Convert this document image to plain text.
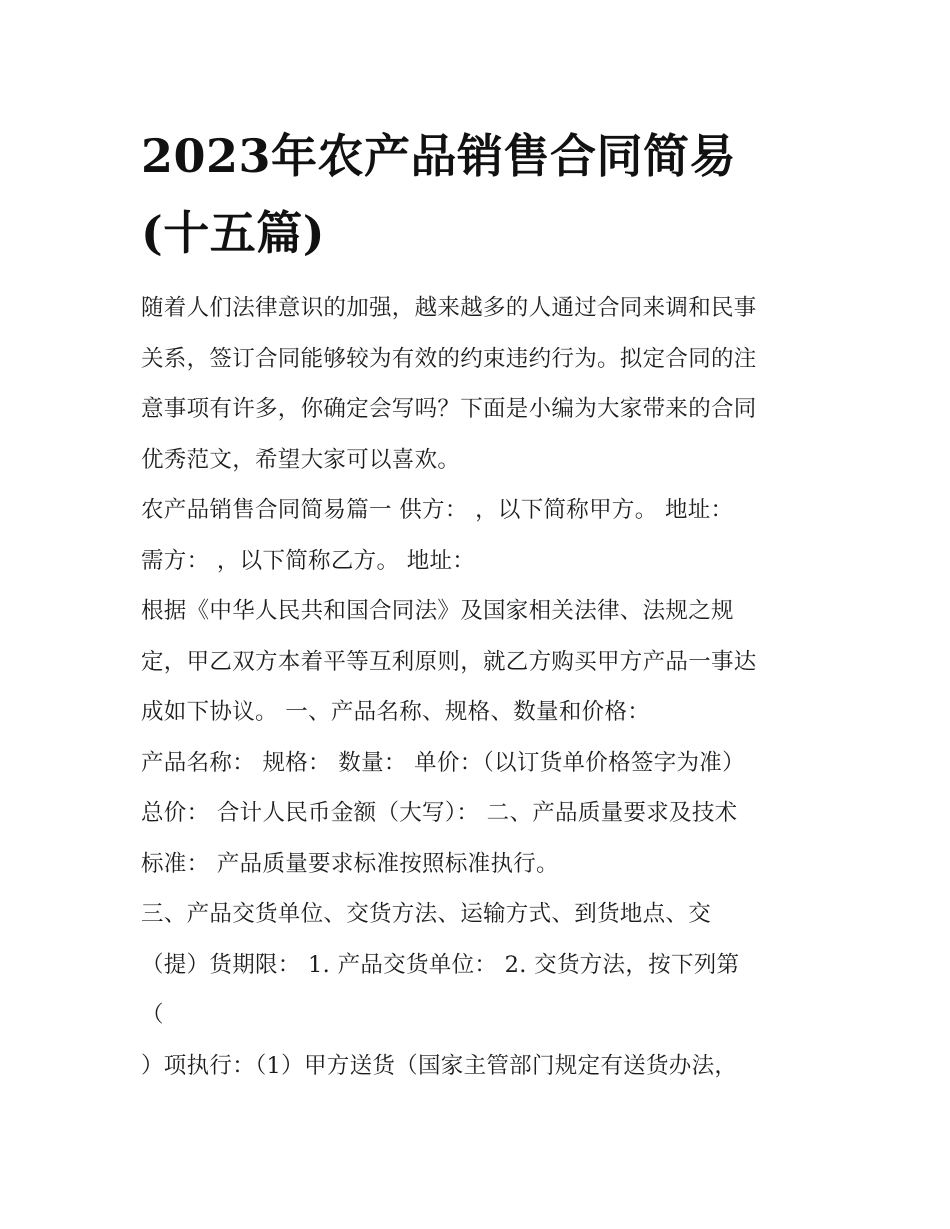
2023年农产品销售合同简易
(十五篇)

随着人们法律意识的加强，越来越多的人通过合同来调和民事
关系，签订合同能够较为有效的约束违约行为。拟定合同的注
意事项有许多，你确定会写吗？下面是小编为大家带来的合同
优秀范文，希望大家可以喜欢。

农产品销售合同简易篇一 供方： ，以下简称甲方。 地址：
需方： ，以下简称乙方。 地址：

根据《中华人民共和国合同法》及国家相关法律、法规之规
定，甲乙双方本着平等互利原则，就乙方购买甲方产品一事达
成如下协议。 一、产品名称、规格、数量和价格：

产品名称： 规格： 数量： 单价：（以订货单价格签字为准）
总价： 合计人民币金额（大写）： 二、产品质量要求及技术
标准： 产品质量要求标准按照标准执行。

三、产品交货单位、交货方法、运输方式、到货地点、交
（提）货期限： 1. 产品交货单位： 2. 交货方法，按下列第
（

）项执行：（1）甲方送货（国家主管部门规定有送货办法，
